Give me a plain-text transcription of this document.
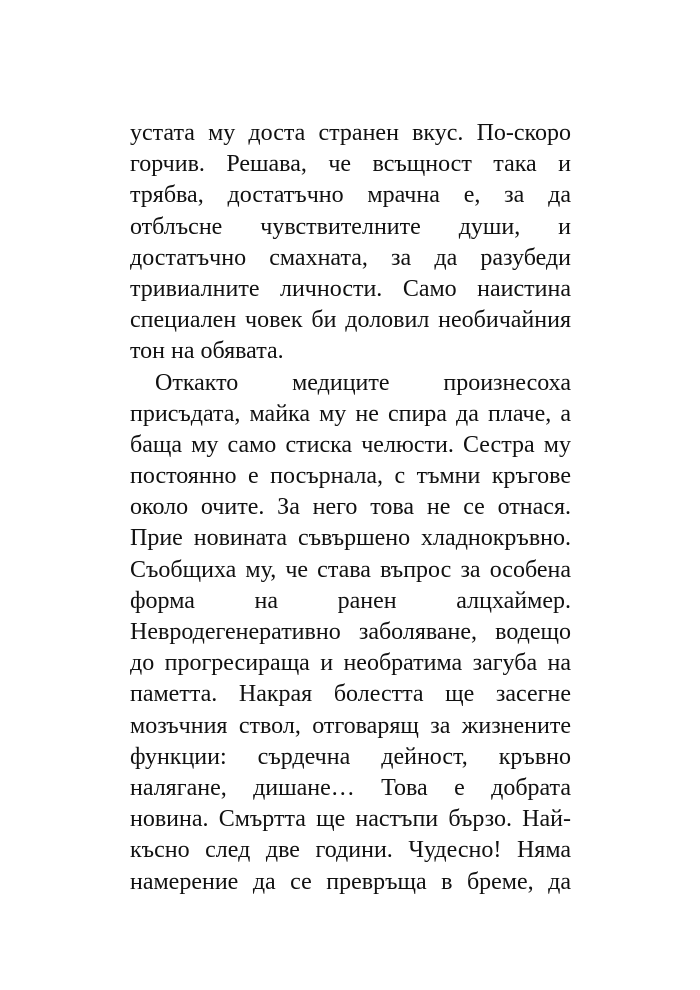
устата му доста странен вкус. По-скоро
горчив. Решава, че всъщност така и
трябва, достатъчно мрачна е, за да
отблъсне чувствителните души, и
достатъчно смахната, за да разубеди
тривиалните личности. Само наистина
специален човек би доловил необичайния
тон на обявата.
Откакто медиците произнесоха
присъдата, майка му не спира да плаче, а
баща му само стиска челюсти. Сестра му
постоянно е посърнала, с тъмни кръгове
около очите. За него това не се отнася.
Прие новината съвършено хладнокръвно.
Съобщиха му, че става въпрос за особена
форма на ранен алцхаймер.
Невродегенеративно заболяване, водещо
до прогресираща и необратима загуба на
паметта. Накрая болестта ще засегне
мозъчния ствол, отговарящ за жизнените
функции: сърдечна дейност, кръвно
налягане, дишане… Това е добрата
новина. Смъртта ще настъпи бързо. Най-
късно след две години. Чудесно! Няма
намерение да се превръща в бреме, да
